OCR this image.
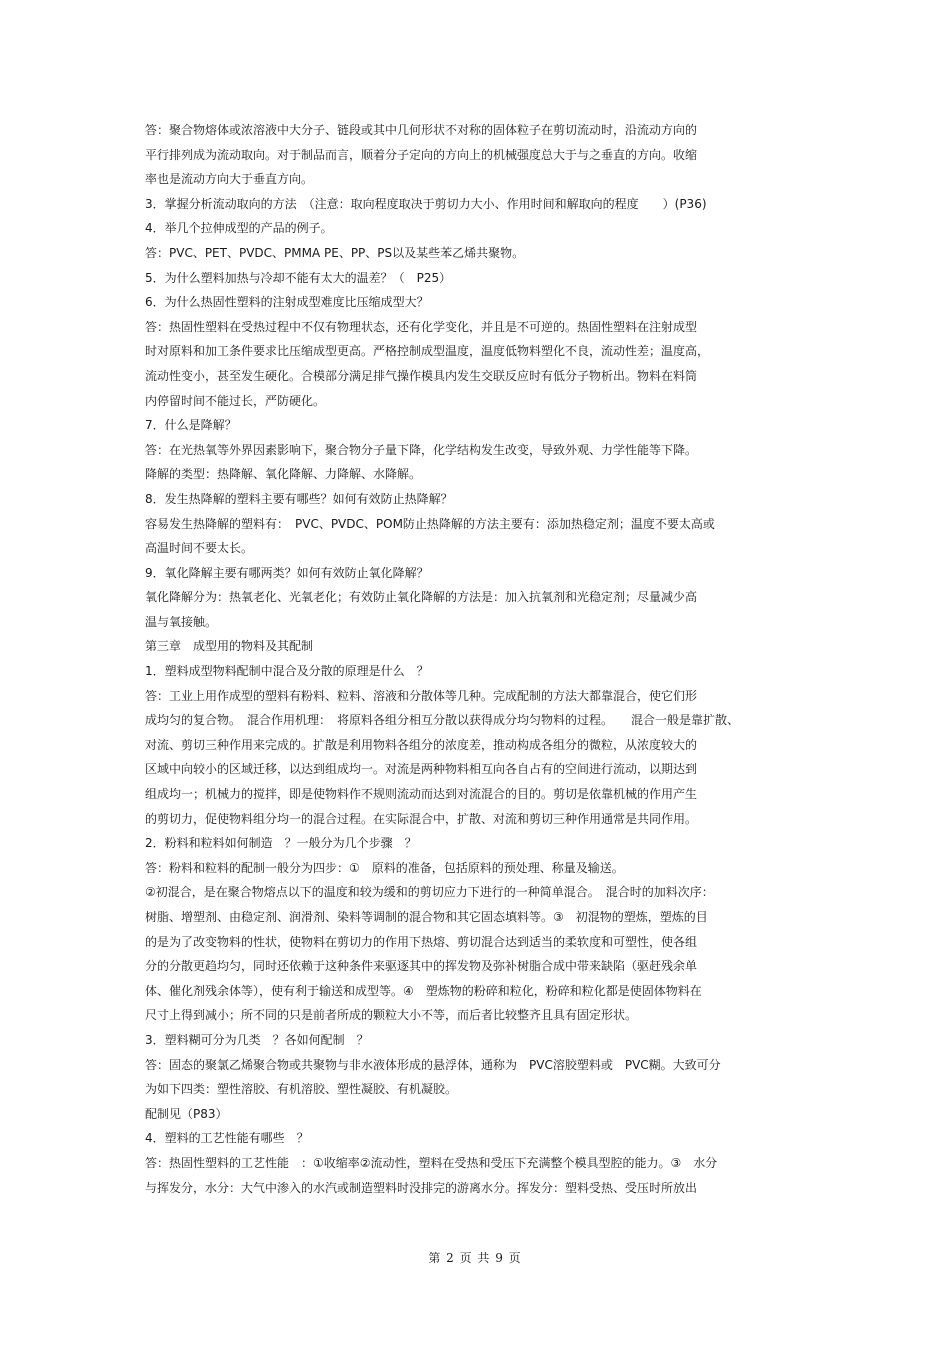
答：聚合物熔体或浓溶液中大分子、链段或其中几何形状不对称的固体粒子在剪切流动时，沿流动方向的
平行排列成为流动取向。对于制品而言，顺着分子定向的方向上的机械强度总大于与之垂直的方向。收缩
率也是流动方向大于垂直方向。
3．掌握分析流动取向的方法　（注意：取向程度取决于剪切力大小、作用时间和解取向的程度　　）(P36)
4．举几个拉伸成型的产品的例子。
答：PVC、PET、PVDC、PMMA PE、PP、PS以及某些苯乙烯共聚物。
5．为什么塑料加热与冷却不能有太大的温差？（　P25）
6．为什么热固性塑料的注射成型难度比压缩成型大？
答：热固性塑料在受热过程中不仅有物理状态，还有化学变化，并且是不可逆的。热固性塑料在注射成型
时对原料和加工条件要求比压缩成型更高。严格控制成型温度，温度低物料塑化不良，流动性差；温度高，
流动性变小，甚至发生硬化。合模部分满足排气操作模具内发生交联反应时有低分子物析出。物料在料筒
内停留时间不能过长，严防硬化。
7．什么是降解？
答：在光热氧等外界因素影响下，聚合物分子量下降，化学结构发生改变，导致外观、力学性能等下降。
降解的类型：热降解、氧化降解、力降解、水降解。
8．发生热降解的塑料主要有哪些？如何有效防止热降解？
容易发生热降解的塑料有：　PVC、PVDC、POM防止热降解的方法主要有：添加热稳定剂；温度不要太高或
高温时间不要太长。
9．氧化降解主要有哪两类？如何有效防止氧化降解？
氧化降解分为：热氧老化、光氧老化；有效防止氧化降解的方法是：加入抗氧剂和光稳定剂；尽量减少高
温与氧接触。
第三章　成型用的物料及其配制
1．塑料成型物料配制中混合及分散的原理是什么　？
答：工业上用作成型的塑料有粉料、粒料、溶液和分散体等几种。完成配制的方法大都靠混合，使它们形
成均匀的复合物。　混合作用机理：　将原料各组分相互分散以获得成分均匀物料的过程。　　混合一般是靠扩散、
对流、剪切三种作用来完成的。扩散是利用物料各组分的浓度差，推动构成各组分的微粒，从浓度较大的
区域中向较小的区域迁移，以达到组成均一。对流是两种物料相互向各自占有的空间进行流动，以期达到
组成均一；机械力的搅拌，即是使物料作不规则流动而达到对流混合的目的。剪切是依靠机械的作用产生
的剪切力，促使物料组分均一的混合过程。在实际混合中，扩散、对流和剪切三种作用通常是共同作用。
2．粉料和粒料如何制造　？一般分为几个步骤　？
答：粉料和粒料的配制一般分为四步：①　原料的准备，包括原料的预处理、称量及输送。
②初混合，是在聚合物熔点以下的温度和较为缓和的剪切应力下进行的一种简单混合。　混合时的加料次序：
树脂、增塑剂、由稳定剂、润滑剂、染料等调制的混合物和其它固态填料等。③　初混物的塑炼，塑炼的目
的是为了改变物料的性状，使物料在剪切力的作用下热熔、剪切混合达到适当的柔软度和可塑性，使各组
分的分散更趋均匀，同时还依赖于这种条件来驱逐其中的挥发物及弥补树脂合成中带来缺陷（驱赶残余单
体、催化剂残余体等），使有利于输送和成型等。④　塑炼物的粉碎和粒化，粉碎和粒化都是使固体物料在
尺寸上得到减小；所不同的只是前者所成的颗粒大小不等，而后者比较整齐且具有固定形状。
3．塑料糊可分为几类　？各如何配制　？
答：固态的聚氯乙烯聚合物或共聚物与非水液体形成的悬浮体，通称为　PVC溶胶塑料或　PVC糊。大致可分
为如下四类：塑性溶胶、有机溶胶、塑性凝胶、有机凝胶。
配制见（P83）
4．塑料的工艺性能有哪些　？
答：热固性塑料的工艺性能　：①收缩率②流动性，塑料在受热和受压下充满整个模具型腔的能力。③　水分
与挥发分，水分：大气中渗入的水汽或制造塑料时没排完的游离水分。挥发分：塑料受热、受压时所放出
第 2 页 共 9 页
